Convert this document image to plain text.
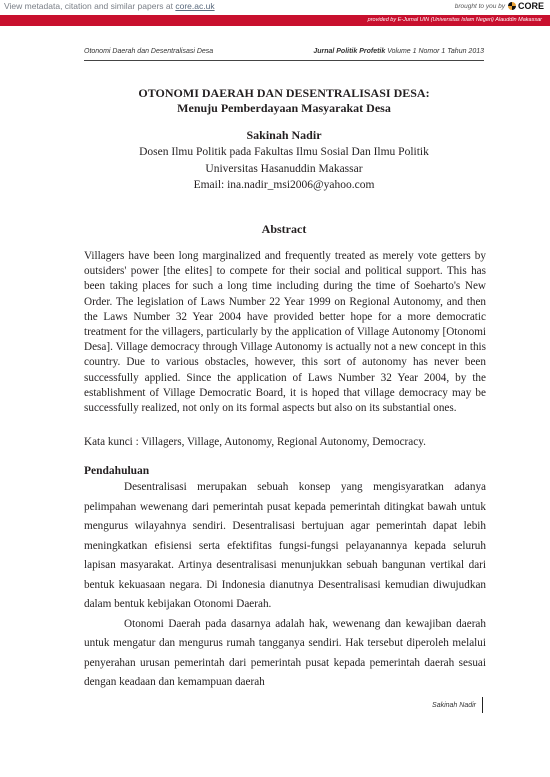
View metadata, citation and similar papers at core.ac.uk	brought to you by CORE
provided by E-Jurnal UIN (Universitas Islam Negeri) Alauddin Makassar
Otonomi Daerah dan Desentralisasi Desa	Jurnal Politik Profetik Volume 1 Nomor 1 Tahun 2013
OTONOMI DAERAH DAN DESENTRALISASI DESA:
Menuju Pemberdayaan Masyarakat Desa
Sakinah Nadir
Dosen Ilmu Politik pada Fakultas Ilmu Sosial Dan Ilmu Politik
Universitas Hasanuddin Makassar
Email: ina.nadir_msi2006@yahoo.com
Abstract
Villagers have been long marginalized and frequently treated as merely vote getters by outsiders' power [the elites] to compete for their social and political support. This has been taking places for such a long time including during the time of Soeharto's New Order. The legislation of Laws Number 22 Year 1999 on Regional Autonomy, and then the Laws Number 32 Year 2004 have provided better hope for a more democratic treatment for the villagers, particularly by the application of Village Autonomy [Otonomi Desa]. Village democracy through Village Autonomy is actually not a new concept in this country. Due to various obstacles, however, this sort of autonomy has never been successfully applied. Since the application of Laws Number 32 Year 2004, by the establishment of Village Democratic Board, it is hoped that village democracy may be successfully realized, not only on its formal aspects but also on its substantial ones.
Kata kunci : Villagers, Village, Autonomy, Regional Autonomy, Democracy.
Pendahuluan

Desentralisasi merupakan sebuah konsep yang mengisyaratkan adanya pelimpahan wewenang dari pemerintah pusat kepada pemerintah ditingkat bawah untuk mengurus wilayahnya sendiri. Desentralisasi bertujuan agar pemerintah dapat lebih meningkatkan efisiensi serta efektifitas fungsi-fungsi pelayanannya kepada seluruh lapisan masyarakat. Artinya desentralisasi menunjukkan sebuah bangunan vertikal dari bentuk kekuasaan negara. Di Indonesia dianutnya Desentralisasi kemudian diwujudkan dalam bentuk kebijakan Otonomi Daerah.

Otonomi Daerah pada dasarnya adalah hak, wewenang dan kewajiban daerah untuk mengatur dan mengurus rumah tangganya sendiri. Hak tersebut diperoleh melalui penyerahan urusan pemerintah dari pemerintah pusat kepada pemerintah daerah sesuai dengan keadaan dan kemampuan daerah

Sakinah Nadir
